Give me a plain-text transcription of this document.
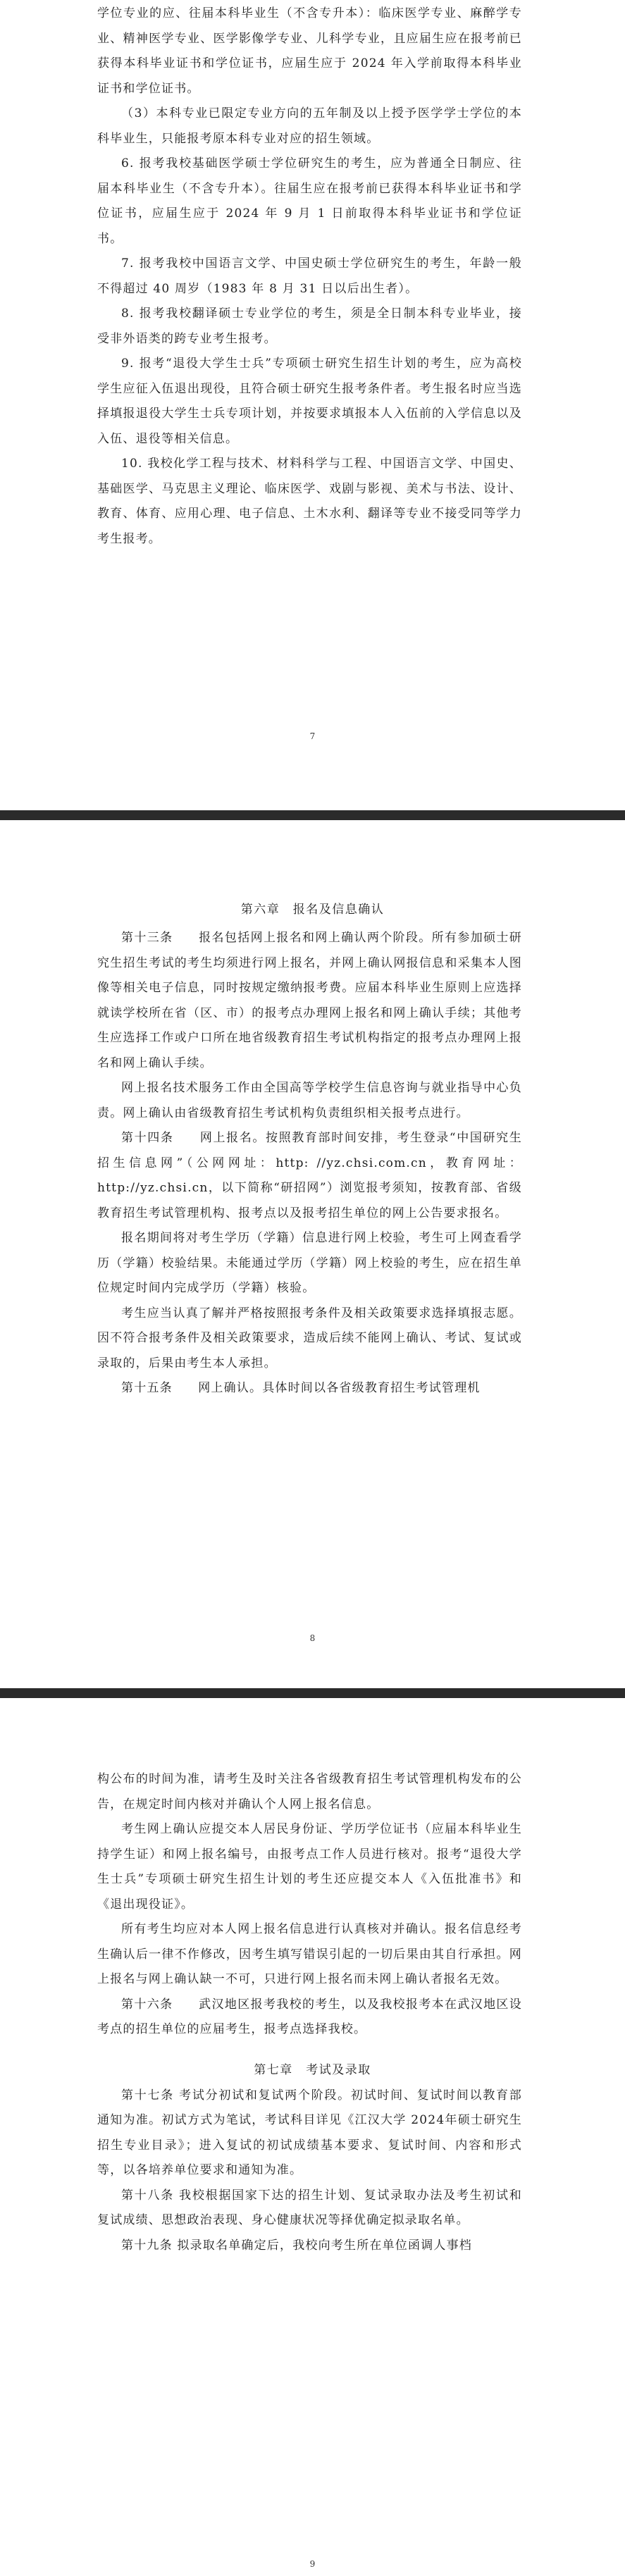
学位专业的应、往届本科毕业生（不含专升本）：临床医学专业、麻醉学专业、精神医学专业、医学影像学专业、儿科学专业，且应届生应在报考前已获得本科毕业证书和学位证书，应届生应于 2024 年入学前取得本科毕业证书和学位证书。

（3）本科专业已限定专业方向的五年制及以上授予医学学士学位的本科毕业生，只能报考原本科专业对应的招生领域。

6. 报考我校基础医学硕士学位研究生的考生，应为普通全日制应、往届本科毕业生（不含专升本）。往届生应在报考前已获得本科毕业证书和学位证书，应届生应于 2024 年 9 月 1 日前取得本科毕业证书和学位证书。

7. 报考我校中国语言文学、中国史硕士学位研究生的考生，年龄一般不得超过 40 周岁（1983 年 8 月 31 日以后出生者）。

8. 报考我校翻译硕士专业学位的考生，须是全日制本科专业毕业，接受非外语类的跨专业考生报考。

9. 报考“退役大学生士兵”专项硕士研究生招生计划的考生，应为高校学生应征入伍退出现役，且符合硕士研究生报考条件者。考生报名时应当选择填报退役大学生士兵专项计划，并按要求填报本人入伍前的入学信息以及入伍、退役等相关信息。

10. 我校化学工程与技术、材料科学与工程、中国语言文学、中国史、基础医学、马克思主义理论、临床医学、戏剧与影视、美术与书法、设计、教育、体育、应用心理、电子信息、土木水利、翻译等专业不接受同等学力考生报考。

7

第六章　报名及信息确认

第十三条　　报名包括网上报名和网上确认两个阶段。所有参加硕士研究生招生考试的考生均须进行网上报名，并网上确认网报信息和采集本人图像等相关电子信息，同时按规定缴纳报考费。应届本科毕业生原则上应选择就读学校所在省（区、市）的报考点办理网上报名和网上确认手续；其他考生应选择工作或户口所在地省级教育招生考试机构指定的报考点办理网上报名和网上确认手续。

网上报名技术服务工作由全国高等学校学生信息咨询与就业指导中心负责。网上确认由省级教育招生考试机构负责组织相关报考点进行。

第十四条　　网上报名。按照教育部时间安排，考生登录“中国研究生招生信息网”（公网网址：http: //yz.chsi.com.cn，教育网址：http://yz.chsi.cn，以下简称“研招网”）浏览报考须知，按教育部、省级教育招生考试管理机构、报考点以及报考招生单位的网上公告要求报名。

报名期间将对考生学历（学籍）信息进行网上校验，考生可上网查看学历（学籍）校验结果。未能通过学历（学籍）网上校验的考生，应在招生单位规定时间内完成学历（学籍）核验。

考生应当认真了解并严格按照报考条件及相关政策要求选择填报志愿。因不符合报考条件及相关政策要求，造成后续不能网上确认、考试、复试或录取的，后果由考生本人承担。

第十五条　　网上确认。具体时间以各省级教育招生考试管理机

8

构公布的时间为准，请考生及时关注各省级教育招生考试管理机构发布的公告，在规定时间内核对并确认个人网上报名信息。

考生网上确认应提交本人居民身份证、学历学位证书（应届本科毕业生持学生证）和网上报名编号，由报考点工作人员进行核对。报考“退役大学生士兵”专项硕士研究生招生计划的考生还应提交本人《入伍批准书》和《退出现役证》。

所有考生均应对本人网上报名信息进行认真核对并确认。报名信息经考生确认后一律不作修改，因考生填写错误引起的一切后果由其自行承担。网上报名与网上确认缺一不可，只进行网上报名而未网上确认者报名无效。

第十六条　　武汉地区报考我校的考生，以及我校报考本在武汉地区设考点的招生单位的应届考生，报考点选择我校。

第七章　考试及录取

第十七条 考试分初试和复试两个阶段。初试时间、复试时间以教育部通知为准。初试方式为笔试，考试科目详见《江汉大学 2024年硕士研究生招生专业目录》；进入复试的初试成绩基本要求、复试时间、内容和形式等，以各培养单位要求和通知为准。

第十八条 我校根据国家下达的招生计划、复试录取办法及考生初试和复试成绩、思想政治表现、身心健康状况等择优确定拟录取名单。

第十九条 拟录取名单确定后，我校向考生所在单位函调人事档

9
